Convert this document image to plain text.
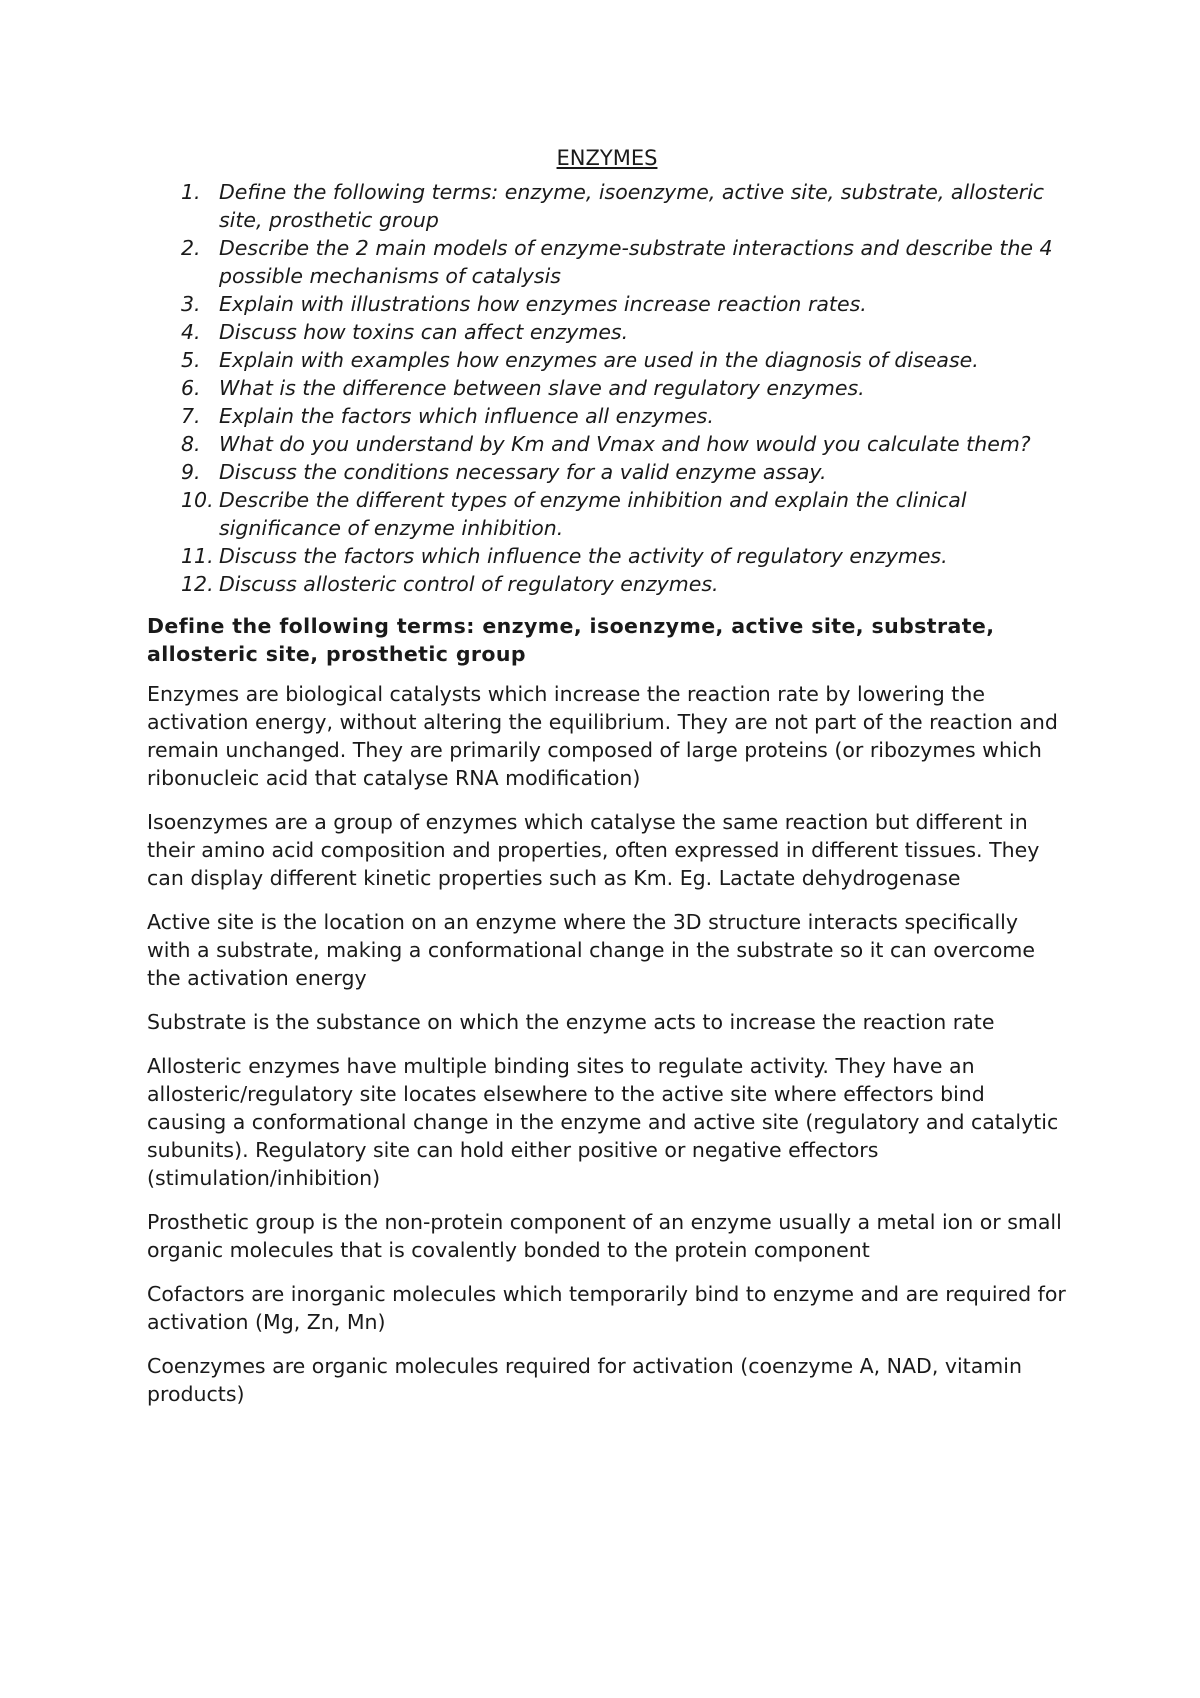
ENZYMES
1. Define the following terms: enzyme, isoenzyme, active site, substrate, allosteric site, prosthetic group
2. Describe the 2 main models of enzyme-substrate interactions and describe the 4 possible mechanisms of catalysis
3. Explain with illustrations how enzymes increase reaction rates.
4. Discuss how toxins can affect enzymes.
5. Explain with examples how enzymes are used in the diagnosis of disease.
6. What is the difference between slave and regulatory enzymes.
7. Explain the factors which influence all enzymes.
8. What do you understand by Km and Vmax and how would you calculate them?
9. Discuss the conditions necessary for a valid enzyme assay.
10. Describe the different types of enzyme inhibition and explain the clinical significance of enzyme inhibition.
11. Discuss the factors which influence the activity of regulatory enzymes.
12. Discuss allosteric control of regulatory enzymes.
Define the following terms: enzyme, isoenzyme, active site, substrate, allosteric site, prosthetic group

Enzymes are biological catalysts which increase the reaction rate by lowering the activation energy, without altering the equilibrium. They are not part of the reaction and remain unchanged. They are primarily composed of large proteins (or ribozymes which ribonucleic acid that catalyse RNA modification)

Isoenzymes are a group of enzymes which catalyse the same reaction but different in their amino acid composition and properties, often expressed in different tissues. They can display different kinetic properties such as Km. Eg. Lactate dehydrogenase

Active site is the location on an enzyme where the 3D structure interacts specifically with a substrate, making a conformational change in the substrate so it can overcome the activation energy

Substrate is the substance on which the enzyme acts to increase the reaction rate

Allosteric enzymes have multiple binding sites to regulate activity. They have an allosteric/regulatory site locates elsewhere to the active site where effectors bind causing a conformational change in the enzyme and active site (regulatory and catalytic subunits). Regulatory site can hold either positive or negative effectors (stimulation/inhibition)

Prosthetic group is the non-protein component of an enzyme usually a metal ion or small organic molecules that is covalently bonded to the protein component

Cofactors are inorganic molecules which temporarily bind to enzyme and are required for activation (Mg, Zn, Mn)

Coenzymes are organic molecules required for activation (coenzyme A, NAD, vitamin products)
